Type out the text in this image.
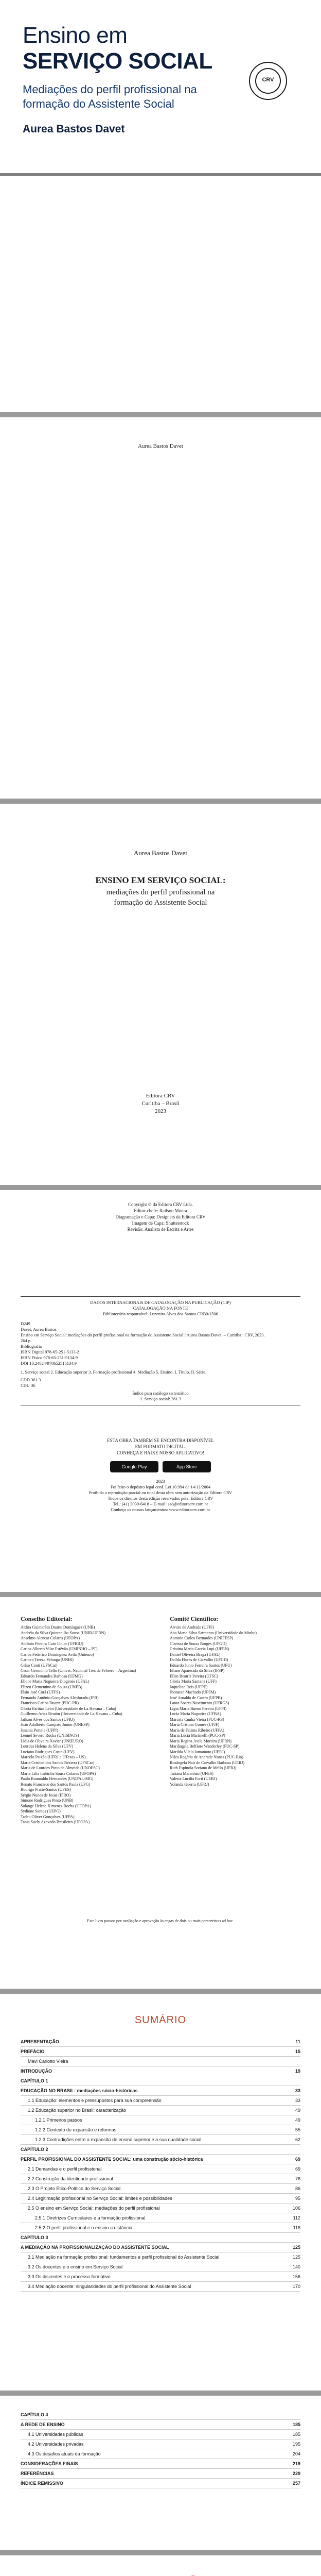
Ensino em
SERVIÇO SOCIAL
Mediações do perfil profissional na formação do Assistente Social
Aurea Bastos Davet
CRV
Aurea Bastos Davet
Aurea Bastos Davet
ENSINO EM SERVIÇO SOCIAL:
mediações do perfil profissional na
formação do Assistente Social
Editora CRV
Curitiba – Brasil
2023
Copyright © da Editora CRV Ltda.
Editor-chefe: Railson Moura
Diagramação e Capa: Designers da Editora CRV
Imagem de Capa: Shutterstock
Revisão: Analista de Escrita e Artes
DADOS INTERNACIONAIS DE CATALOGAÇÃO NA PUBLICAÇÃO (CIP)
CATALOGAÇÃO NA FONTE
Bibliotecária responsável: Luzenira Alves dos Santos CRB9/1506
D249
Davet, Aurea Bastos
Ensino em Serviço Social: mediações do perfil profissional na formação do Assistente Social / Aurea Bastos Davet. – Curitiba : CRV, 2023.
264 p.
Bibliografia
ISBN Digital 978-65-251-5133-2
ISBN Físico 978-65-251-5134-9
DOI 10.24824/978652515134.9
1. Serviço social 2. Educação superior 3. Formação profissional 4. Mediação 5. Ensino. I. Título. II. Série.
CDD 361.3
CDU 36
Índice para catálogo sistemático
1. Serviço social: 361.3
ESTA OBRA TAMBÉM SE ENCONTRA DISPONÍVEL
EM FORMATO DIGITAL.
CONHEÇA E BAIXE NOSSO APLICATIVO!
Google Play	App Store
2023
Foi feito o depósito legal conf. Lei 10.994 de 14/12/2004
Proibida a reprodução parcial ou total desta obra sem autorização da Editora CRV
Todos os direitos desta edição reservados pela: Editora CRV
Tel.: (41) 3039-6418 – E-mail: sac@editoracrv.com.br
Conheça os nossos lançamentos: www.editoracrv.com.br
Conselho Editorial:
Aldira Guimarães Duarte Domínguez (UNB)
Andréia da Silva Quintanilha Sousa (UNIR/UFRN)
Anselmo Alencar Colares (UFOPA)
Antônio Pereira Gaio Júnior (UFRRJ)
Carlos Alberto Vilar Estêvão (UMINHO – PT)
Carlos Federico Dominguez Avila (Unieuro)
Carmen Tereza Velanga (UNIR)
Celso Conti (UFSCar)
Cesar Gerónimo Tello (Univer. Nacional Três de Febrero – Argentina)
Eduardo Fernandes Barbosa (UFMG)
Elione Maria Nogueira Diogenes (UFAL)
Elizeu Clementino de Souza (UNEB)
Élsio José Corá (UFFS)
Fernando Antônio Gonçalves Alcoforado (IPB)
Francisco Carlos Duarte (PUC-PR)
Gloria Fariñas León (Universidade de La Havana – Cuba)
Guillermo Arias Beatón (Universidade de La Havana – Cuba)
Jailson Alves dos Santos (UFRJ)
João Adalberto Campato Junior (UNESP)
Josania Portela (UFPI)
Leonel Severo Rocha (UNISINOS)
Lídia de Oliveira Xavier (UNIEURO)
Lourdes Helena da Silva (UFV)
Luciano Rodrigues Costa (UFV)
Marcelo Paixão (UFRJ e UTexas – US)
Maria Cristina dos Santos Bezerra (UFSCar)
Maria de Lourdes Pinto de Almeida (UNOESC)
Maria Lília Imbiriba Sousa Colares (UFOPA)
Paulo Romualdo Hernandes (UNIFAL-MG)
Renato Francisco dos Santos Paula (UFG)
Rodrigo Pratte-Santos (UFES)
Sérgio Nunes de Jesus (IFRO)
Simone Rodrigues Pinto (UNB)
Solange Helena Ximenes-Rocha (UFOPA)
Sydione Santos (UEPG)
Tadeu Oliver Gonçalves (UFPA)
Tania Suely Azevedo Brasileiro (UFOPA)
Comitê Científico:
Alvaro de Andrade (UFJF)
Ana Maria Silva Sarmento (Universidade do Minho)
Antonio Carlos Bernardes (UNIFESP)
Clarissa de Souza Borges (UFGD)
Cristina Maria Garcia Lupi (UFRN)
Daniel Oliveira Braga (UFAL)
Deilda Flores de Carvalho (UFGD)
Eduardo Junio Ferreira Santos (UFU)
Eliane Aparecida da Silva (IFSP)
Ellen Beatriz Pereira (UFSC)
Glória Maria Santana (UFF)
Jaqueline Reis (UFPE)
Jhonatan Machado (UFSM)
José Arnaldo de Castro (UFPB)
Laura Soares Nascimento (UFRGS)
Lígia Maria Bueno Pereira (UFPI)
Lucia Maria Nogueira (UFBA)
Marcela Cunha Vieira (PUC-RS)
Maria Cristina Gomes (UFJF)
Maria de Fátima Ribeiro (UFPA)
Maria Lúcia Martinelli (PUC-SP)
Maria Regina Ávila Moreira (UFRN)
Mariângela Belfiore Wanderley (PUC-SP)
Marilda Vilela Iamamoto (UERJ)
Nilza Rogéria de Andrade Nunes (PUC-Rio)
Rosângela Nair de Carvalho Barbosa (UERJ)
Ruth Espínola Soriano de Mello (UFRJ)
Tatiana Maranhão (UFES)
Valeria Lucilia Forti (UERJ)
Yolanda Guerra (UFRJ)
Este livro passou por avaliação e aprovação às cegas de dois ou mais pareceristas ad hoc.
SUMÁRIO
APRESENTAÇÃO	11
PREFÁCIO	15
Mavi Carlotto Vieira
INTRODUÇÃO	19
CAPÍTULO 1
EDUCAÇÃO NO BRASIL: mediações sócio-históricas	33
1.1 Educação: elementos e pressupostos para sua compreensão	33
1.2 Educação superior no Brasil: caracterização	49
1.2.1 Primeiros passos	49
1.2.2 Contexto de expansão e reformas	55
1.2.3 Contradições entre a expansão do ensino superior e a sua qualidade social	62
CAPÍTULO 2
PERFIL PROFISSIONAL DO ASSISTENTE SOCIAL: uma construção sócio-histórica	69
2.1 Demandas e o perfil profissional	69
2.2 Construção da identidade profissional	76
2.3 O Projeto Ético-Político do Serviço Social	86
2.4 Legitimação profissional no Serviço Social: limites e possibilidades	95
2.5 O ensino em Serviço Social: mediações do perfil profissional	106
2.5.1 Diretrizes Curriculares e a formação profissional	112
2.5.2 O perfil profissional e o ensino a distância	118
CAPÍTULO 3
A MEDIAÇÃO NA PROFISSIONALIZAÇÃO DO ASSISTENTE SOCIAL	125
3.1 Mediação na formação profissional: fundamentos e perfil profissional do Assistente Social	125
3.2 Os docentes e o ensino em Serviço Social	140
3.3 Os discentes e o processo formativo	156
3.4 Mediação docente: singularidades do perfil profissional do Assistente Social	170
CAPÍTULO 4
A REDE DE ENSINO	185
4.1 Universidades públicas	185
4.2 Universidades privadas	195
4.3 Os desafios atuais da formação	204
CONSIDERAÇÕES FINAIS	219
REFERÊNCIAS	229
ÍNDICE REMISSIVO	257
